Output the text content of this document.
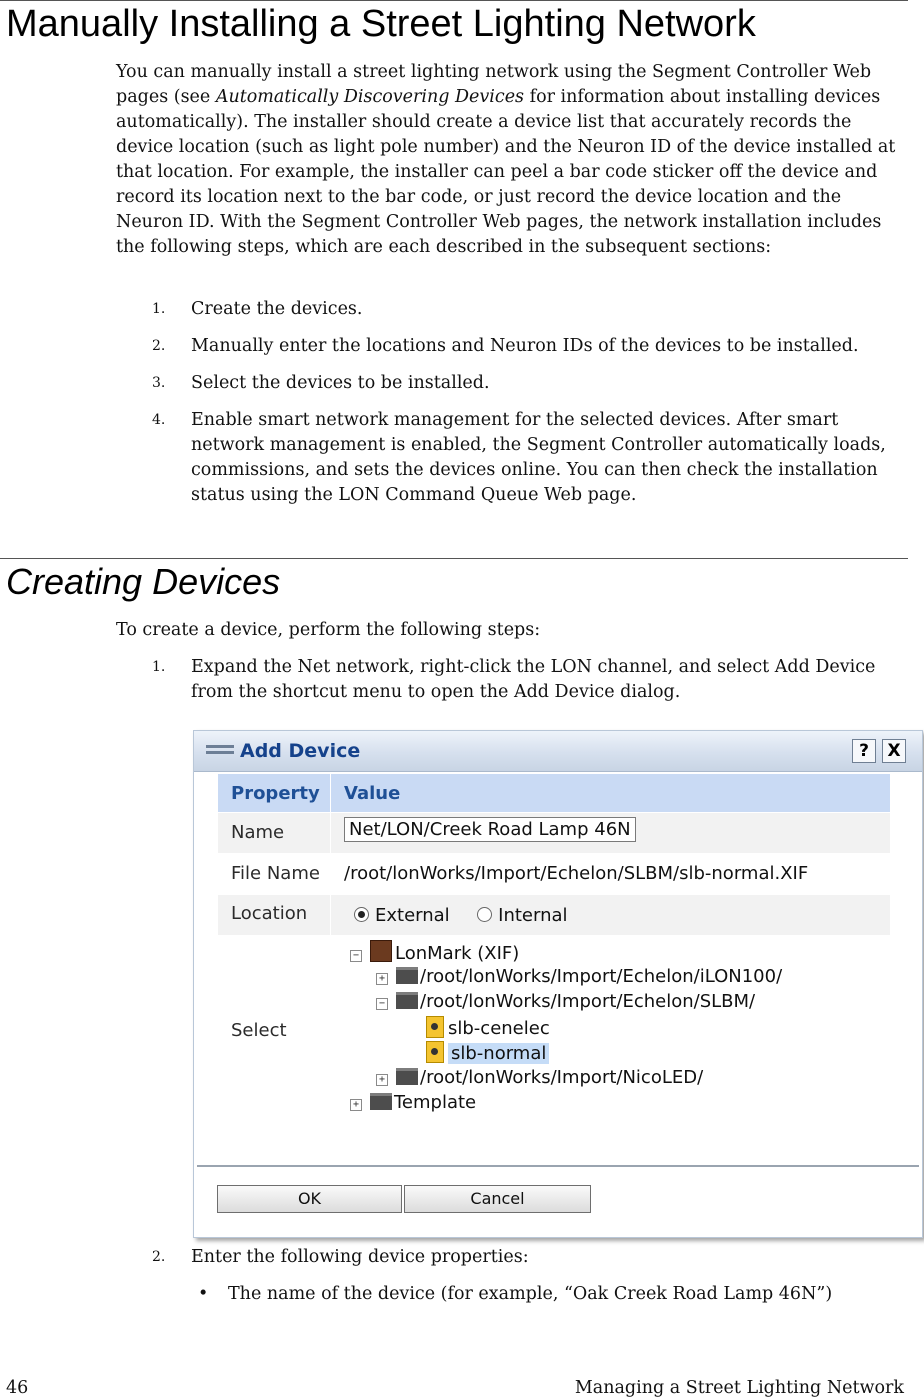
Manually Installing a Street Lighting Network

You can manually install a street lighting network using the Segment Controller Web pages (see Automatically Discovering Devices for information about installing devices automatically). The installer should create a device list that accurately records the device location (such as light pole number) and the Neuron ID of the device installed at that location. For example, the installer can peel a bar code sticker off the device and record its location next to the bar code, or just record the device location and the Neuron ID. With the Segment Controller Web pages, the network installation includes the following steps, which are each described in the subsequent sections:

1. Create the devices.
2. Manually enter the locations and Neuron IDs of the devices to be installed.
3. Select the devices to be installed.
4. Enable smart network management for the selected devices. After smart network management is enabled, the Segment Controller automatically loads, commissions, and sets the devices online. You can then check the installation status using the LON Command Queue Web page.
Creating Devices

To create a device, perform the following steps:

1. Expand the Net network, right-click the LON channel, and select Add Device from the shortcut menu to open the Add Device dialog.
Add Device	?	X
Property Value
Name	Net/LON/Creek Road Lamp 46N
File Name /root/lonWorks/Import/Echelon/SLBM/slb-normal.XIF
Location	External	Internal
Select
− LonMark (XIF)
+ /root/lonWorks/Import/Echelon/iLON100/
− /root/lonWorks/Import/Echelon/SLBM/
slb-cenelec
slb-normal
+ /root/lonWorks/Import/NicoLED/
+ Template
OK	Cancel
2. Enter the following device properties:
• The name of the device (for example, “Oak Creek Road Lamp 46N”)
46	Managing a Street Lighting Network
